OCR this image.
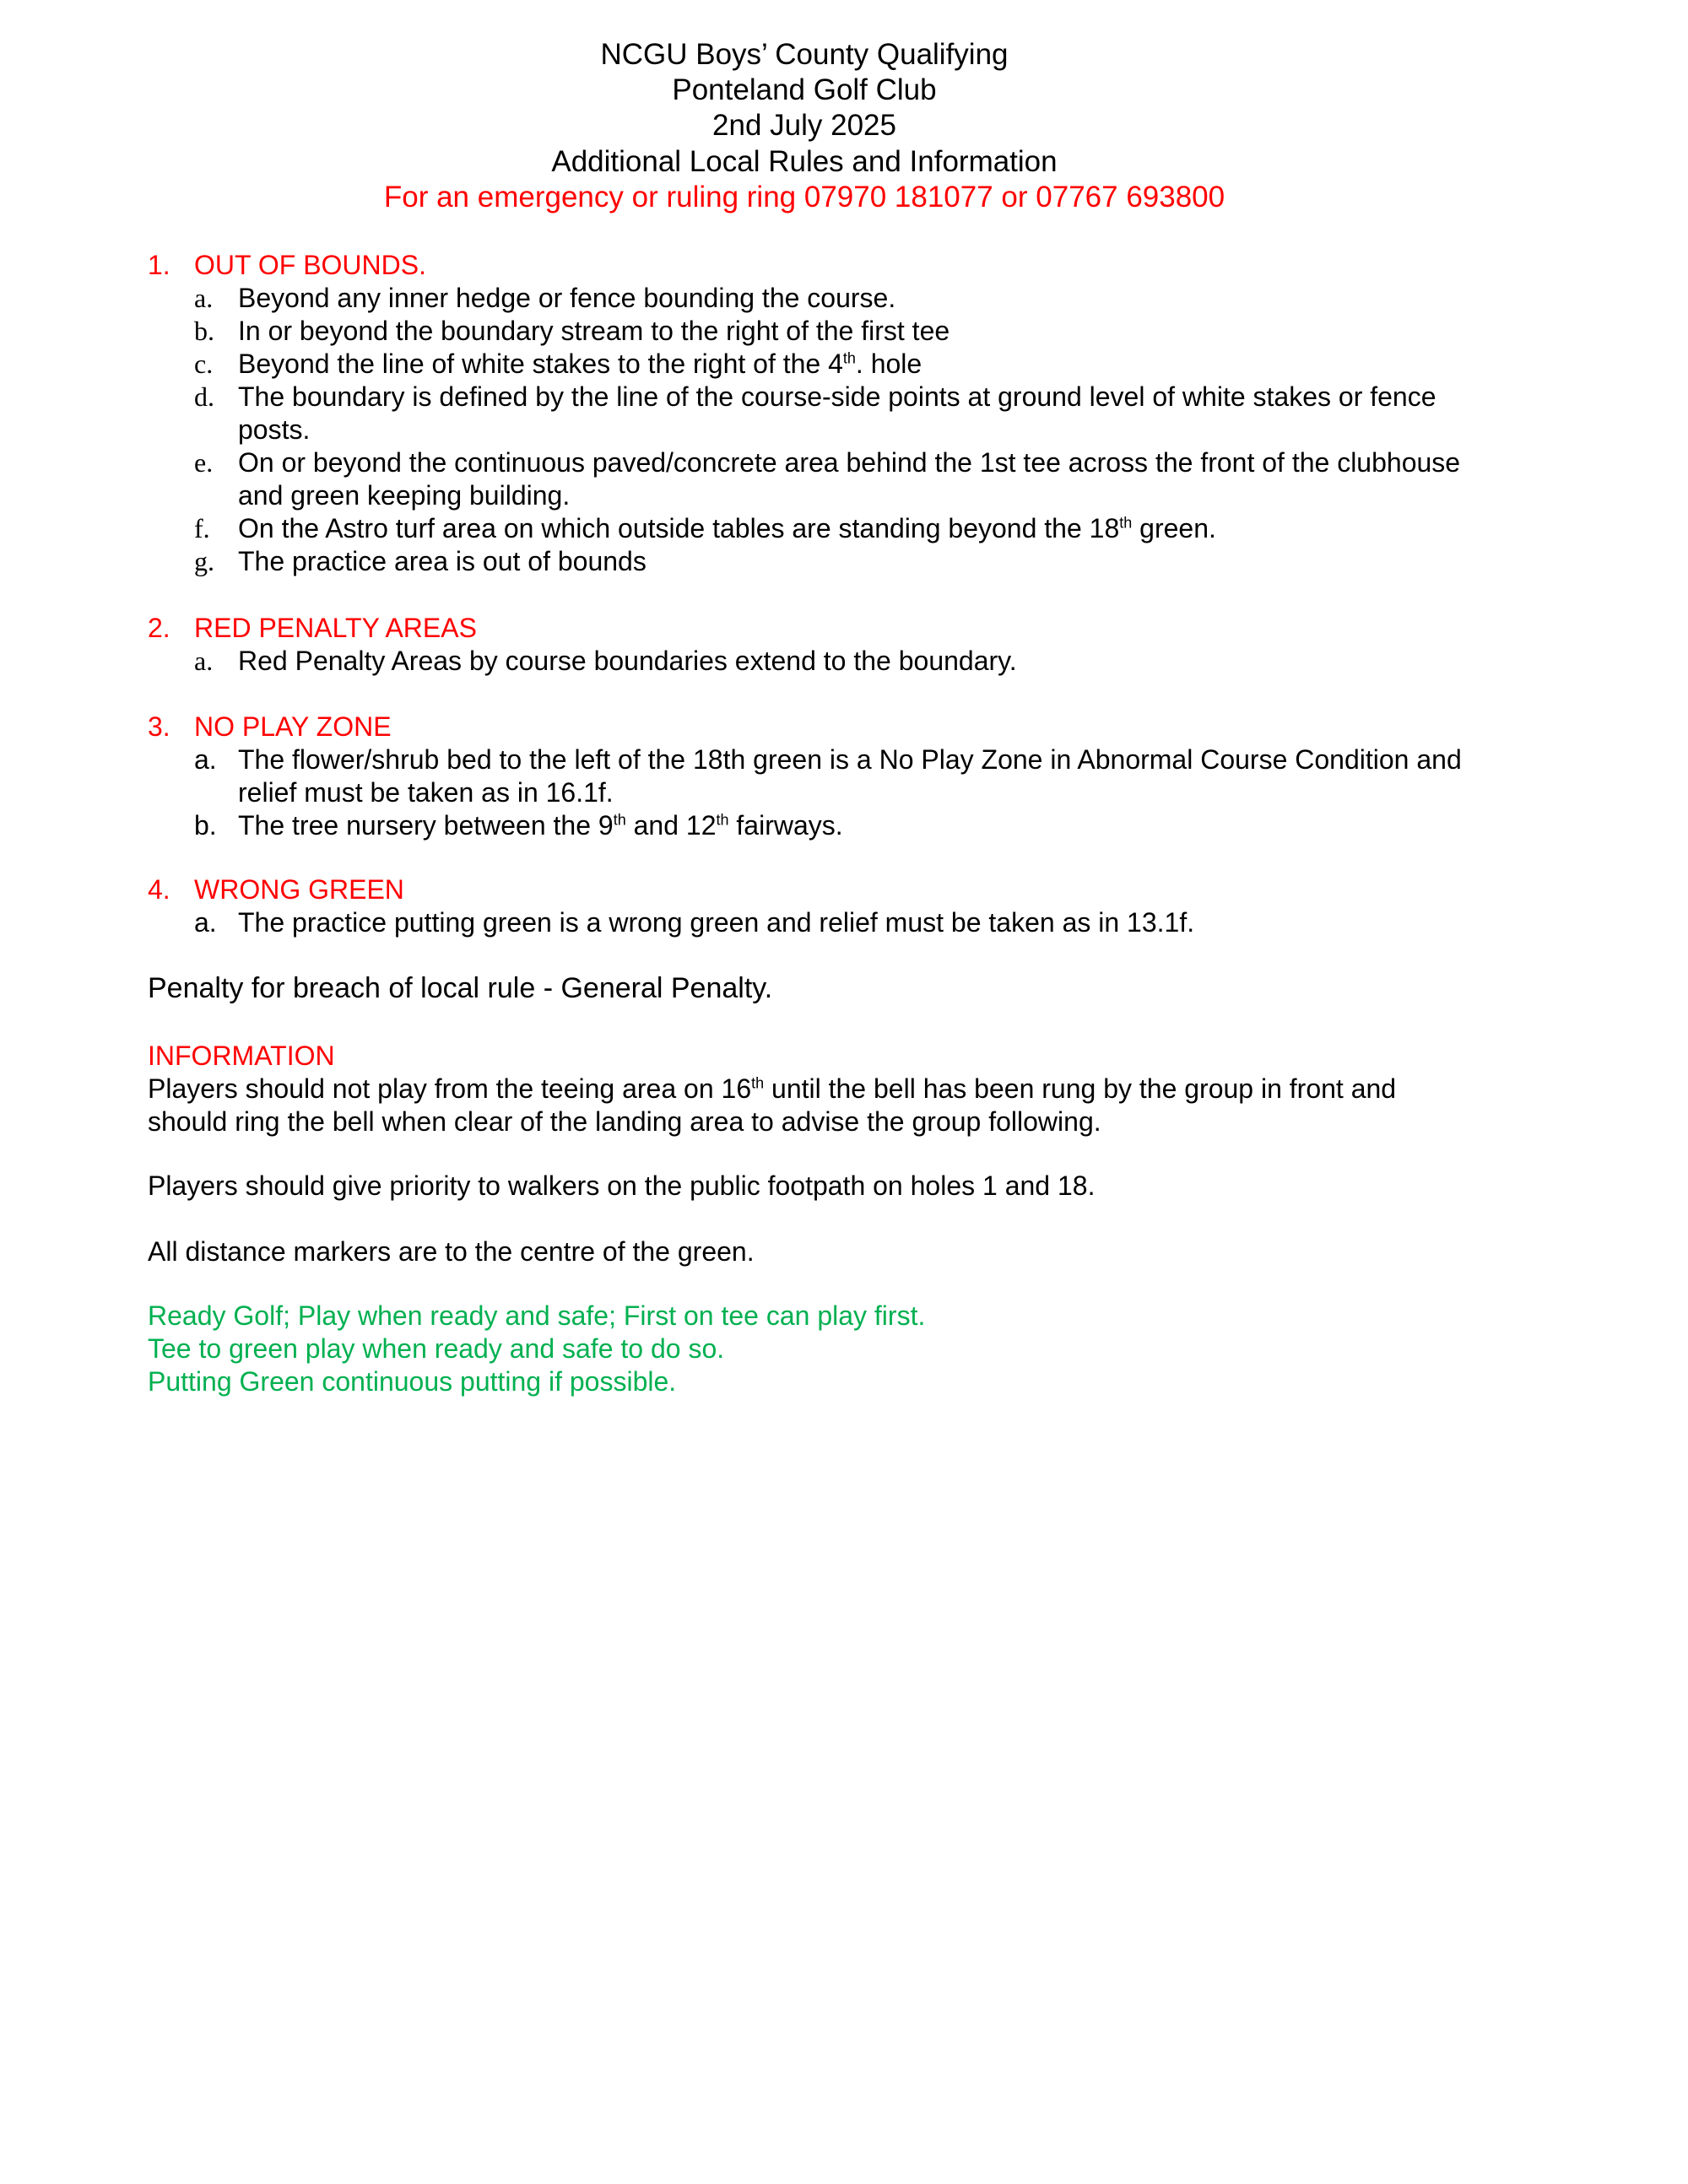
NCGU Boys’ County Qualifying
Ponteland Golf Club
2nd July 2025
Additional Local Rules and Information
For an emergency or ruling ring 07970 181077 or 07767 693800
1. OUT OF BOUNDS.
a. Beyond any inner hedge or fence bounding the course.
b. In or beyond the boundary stream to the right of the first tee
c. Beyond the line of white stakes to the right of the 4th. hole
d. The boundary is defined by the line of the course-side points at ground level of white stakes or fence posts.
e. On or beyond the continuous paved/concrete area behind the 1st tee across the front of the clubhouse and green keeping building.
f. On the Astro turf area on which outside tables are standing beyond the 18th green.
g. The practice area is out of bounds
2. RED PENALTY AREAS
a. Red Penalty Areas by course boundaries extend to the boundary.
3. NO PLAY ZONE
a. The flower/shrub bed to the left of the 18th green is a No Play Zone in Abnormal Course Condition and relief must be taken as in 16.1f.
b. The tree nursery between the 9th and 12th fairways.
4. WRONG GREEN
a. The practice putting green is a wrong green and relief must be taken as in 13.1f.
Penalty for breach of local rule - General Penalty.
INFORMATION

Players should not play from the teeing area on 16th until the bell has been rung by the group in front and should ring the bell when clear of the landing area to advise the group following.

Players should give priority to walkers on the public footpath on holes 1 and 18.
All distance markers are to the centre of the green.
Ready Golf; Play when ready and safe; First on tee can play first.
Tee to green play when ready and safe to do so.
Putting Green continuous putting if possible.
